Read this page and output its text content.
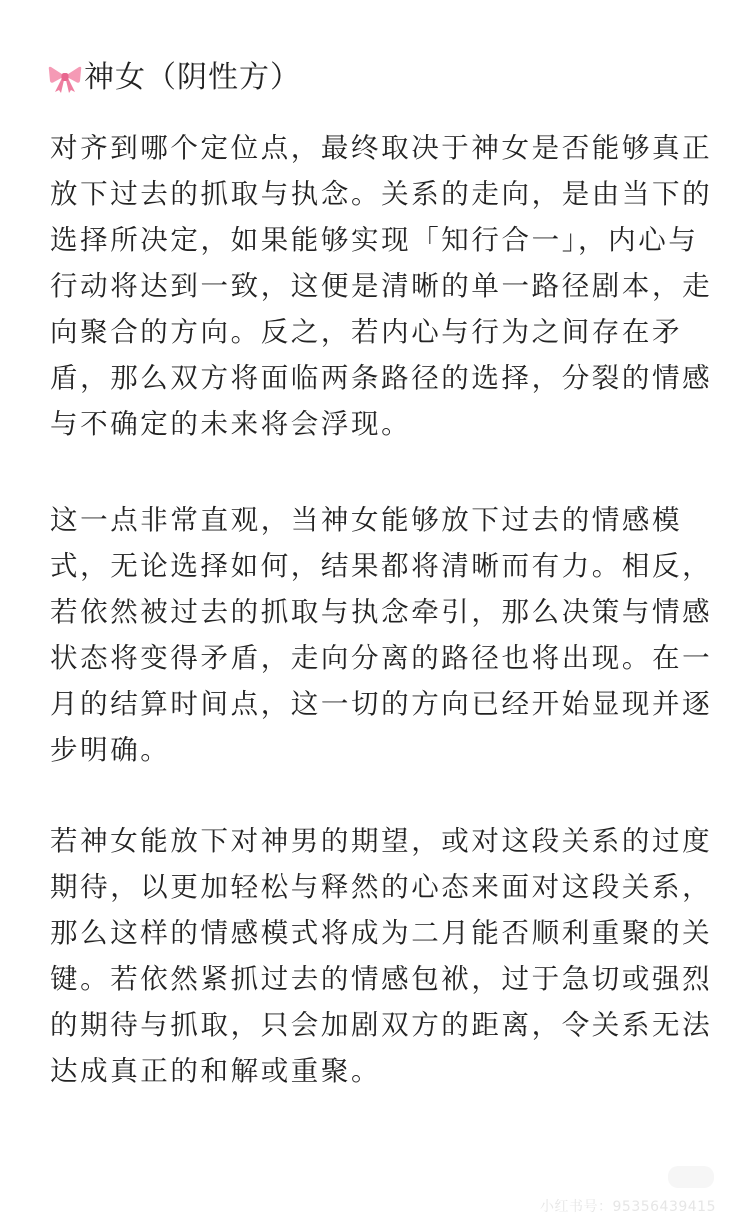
神女（阴性方）
对齐到哪个定位点，最终取决于神女是否能够真正
放下过去的抓取与执念。关系的走向，是由当下的
选择所决定，如果能够实现「知行合一」，内心与
行动将达到一致，这便是清晰的单一路径剧本，走
向聚合的方向。反之，若内心与行为之间存在矛
盾，那么双方将面临两条路径的选择，分裂的情感
与不确定的未来将会浮现。
这一点非常直观，当神女能够放下过去的情感模
式，无论选择如何，结果都将清晰而有力。相反，
若依然被过去的抓取与执念牵引，那么决策与情感
状态将变得矛盾，走向分离的路径也将出现。在一
月的结算时间点，这一切的方向已经开始显现并逐
步明确。
若神女能放下对神男的期望，或对这段关系的过度
期待，以更加轻松与释然的心态来面对这段关系，
那么这样的情感模式将成为二月能否顺利重聚的关
键。若依然紧抓过去的情感包袱，过于急切或强烈
的期待与抓取，只会加剧双方的距离，令关系无法
达成真正的和解或重聚。
小红书号：95356439415
